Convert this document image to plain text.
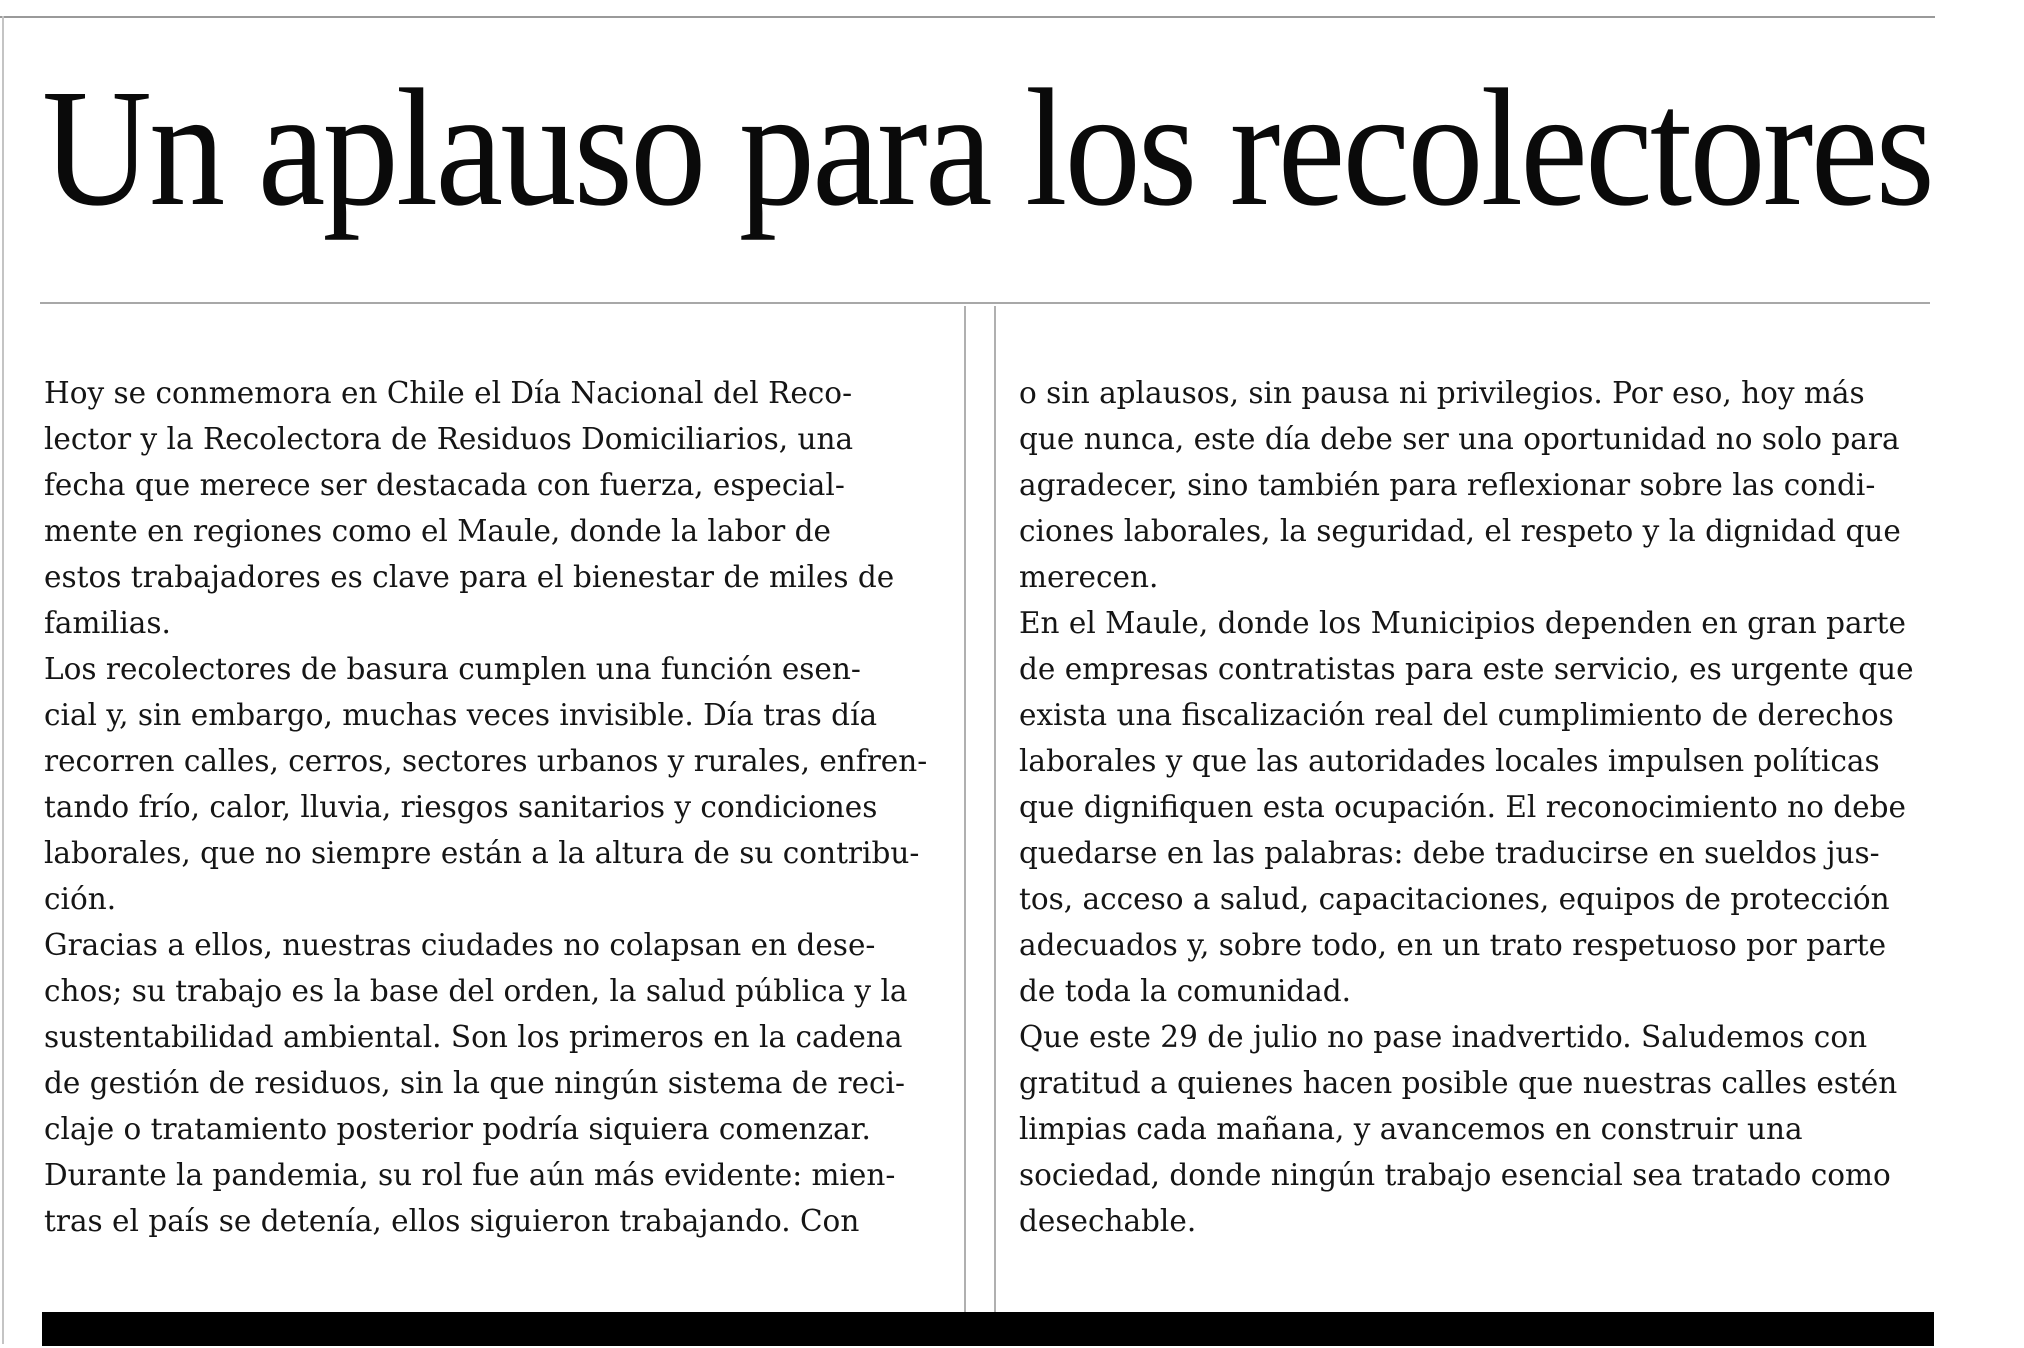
Un aplauso para los recolectores
Hoy se conmemora en Chile el Día Nacional del Reco-
lector y la Recolectora de Residuos Domiciliarios, una
fecha que merece ser destacada con fuerza, especial-
mente en regiones como el Maule, donde la labor de
estos trabajadores es clave para el bienestar de miles de
familias.
Los recolectores de basura cumplen una función esen-
cial y, sin embargo, muchas veces invisible. Día tras día
recorren calles, cerros, sectores urbanos y rurales, enfren-
tando frío, calor, lluvia, riesgos sanitarios y condiciones
laborales, que no siempre están a la altura de su contribu-
ción.
Gracias a ellos, nuestras ciudades no colapsan en dese-
chos; su trabajo es la base del orden, la salud pública y la
sustentabilidad ambiental. Son los primeros en la cadena
de gestión de residuos, sin la que ningún sistema de reci-
claje o tratamiento posterior podría siquiera comenzar.
Durante la pandemia, su rol fue aún más evidente: mien-
tras el país se detenía, ellos siguieron trabajando. Con
o sin aplausos, sin pausa ni privilegios. Por eso, hoy más
que nunca, este día debe ser una oportunidad no solo para
agradecer, sino también para reflexionar sobre las condi-
ciones laborales, la seguridad, el respeto y la dignidad que
merecen.
En el Maule, donde los Municipios dependen en gran parte
de empresas contratistas para este servicio, es urgente que
exista una fiscalización real del cumplimiento de derechos
laborales y que las autoridades locales impulsen políticas
que dignifiquen esta ocupación. El reconocimiento no debe
quedarse en las palabras: debe traducirse en sueldos jus-
tos, acceso a salud, capacitaciones, equipos de protección
adecuados y, sobre todo, en un trato respetuoso por parte
de toda la comunidad.
Que este 29 de julio no pase inadvertido. Saludemos con
gratitud a quienes hacen posible que nuestras calles estén
limpias cada mañana, y avancemos en construir una
sociedad, donde ningún trabajo esencial sea tratado como
desechable.
